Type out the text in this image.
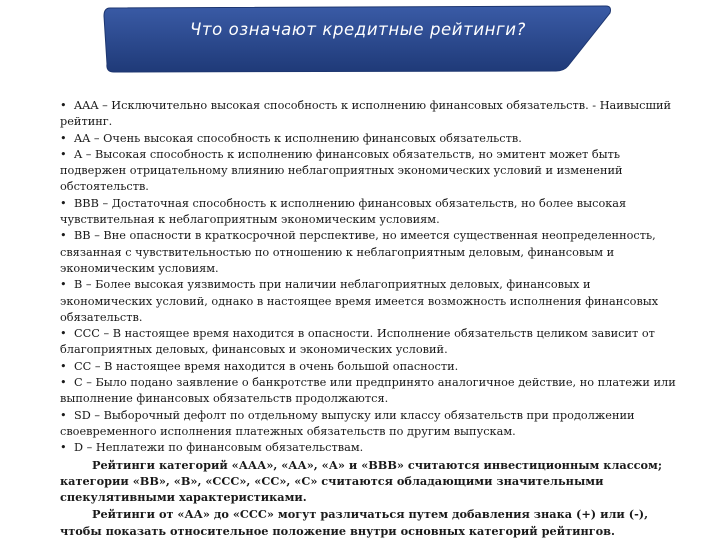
Что означают кредитные рейтинги?

• AAA – Исключительно высокая способность к исполнению финансовых обязательств. - Наивысший рейтинг.

• AA – Очень высокая способность к исполнению финансовых обязательств.

• A – Высокая способность к исполнению финансовых обязательств, но эмитент может быть подвержен отрицательному влиянию неблагоприятных экономических условий и изменений обстоятельств.

• BBB – Достаточная способность к исполнению финансовых обязательств, но более высокая чувствительная к неблагоприятным экономическим условиям.

• BB – Вне опасности в краткосрочной перспективе, но имеется существенная неопределенность, связанная с чувствительностью по отношению к неблагоприятным деловым, финансовым и экономическим условиям.

• B – Более высокая уязвимость при наличии неблагоприятных деловых, финансовых и экономических условий, однако в настоящее время имеется возможность исполнения финансовых обязательств.

• CCC – В настоящее время находится в опасности. Исполнение обязательств целиком зависит от благоприятных деловых, финансовых и экономических условий.

• CC – В настоящее время находится в очень большой опасности.

• C – Было подано заявление о банкротстве или предпринято аналогичное действие, но платежи или выполнение финансовых обязательств продолжаются.

• SD – Выборочный дефолт по отдельному выпуску или классу обязательств при продолжении своевременного исполнения платежных обязательств по другим выпускам.

• D – Неплатежи по финансовым обязательствам.

Рейтинги категорий «ААА», «АА», «А» и «ВВВ» считаются инвестиционным классом; категории «ВВ», «В», «ССС», «СС», «С» считаются обладающими значительными спекулятивными характеристиками.

Рейтинги от «АА» до «ССС» могут различаться путем добавления знака (+) или (-), чтобы показать относительное положение внутри основных категорий рейтингов.
